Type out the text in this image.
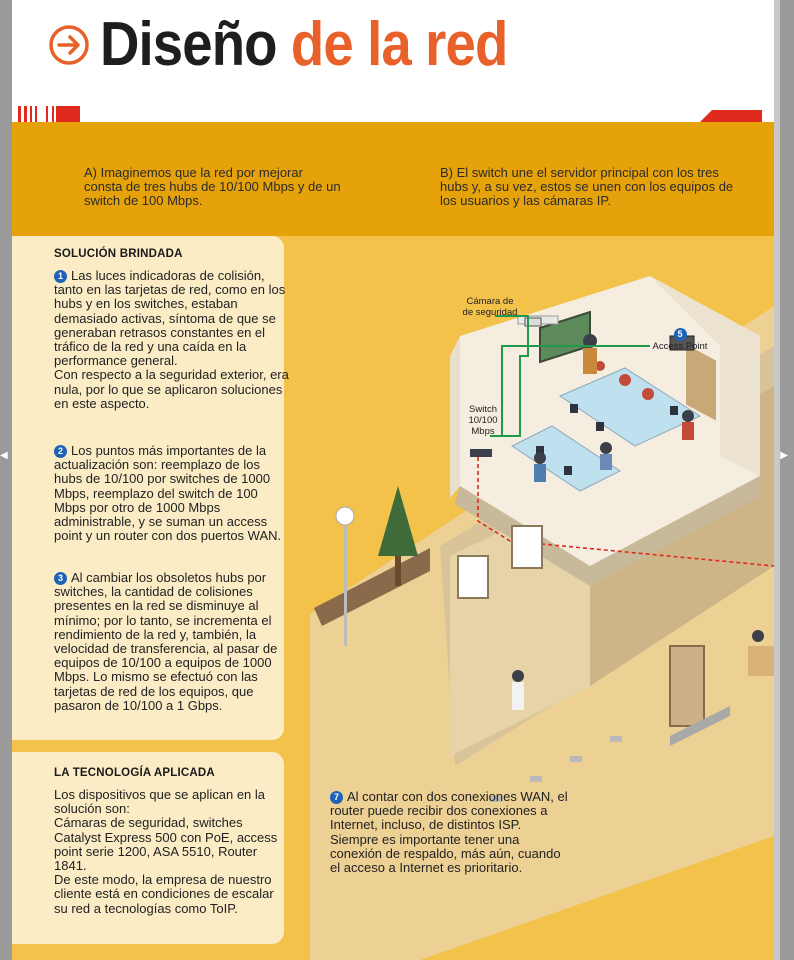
Diseño de la red
A) Imaginemos que la red por mejorar consta de tres hubs de 10/100 Mbps y de un switch de 100 Mbps.
B) El switch une el servidor principal con los tres hubs y, a su vez, estos se unen con los equipos de los usuarios y las cámaras IP.
SOLUCIÓN BRINDADA
1 Las luces indicadoras de colisión, tanto en las tarjetas de red, como en los hubs y en los switches, estaban demasiado activas, síntoma de que se generaban retrasos constantes en el tráfico de la red y una caída en la performance general.
Con respecto a la seguridad exterior, era nula, por lo que se aplicaron soluciones en este aspecto.
2 Los puntos más importantes de la actualización son: reemplazo de los hubs de 10/100 por switches de 1000 Mbps, reemplazo del switch de 100 Mbps por otro de 1000 Mbps administrable, y se suman un access point y un router con dos puertos WAN.
3 Al cambiar los obsoletos hubs por switches, la cantidad de colisiones presentes en la red se disminuye al mínimo; por lo tanto, se incrementa el rendimiento de la red y, también, la velocidad de transferencia, al pasar de equipos de 10/100 a equipos de 1000 Mbps. Lo mismo se efectuó con las tarjetas de red de los equipos, que pasaron de 10/100 a 1 Gbps.
LA TECNOLOGÍA APLICADA
Los dispositivos que se aplican en la solución son:
Cámaras de seguridad, switches Catalyst Express 500 con PoE, access point serie 1200, ASA 5510, Router 1841.
De este modo, la empresa de nuestro cliente está en condiciones de escalar su red a tecnologías como ToIP.
Cámara de
de seguridad
5
Access Point
Switch
10/100
Mbps
7 Al contar con dos conexiones WAN, el router puede recibir dos conexiones a Internet, incluso, de distintos ISP. Siempre es importante tener una conexión de respaldo, más aún, cuando el acceso a Internet es prioritario.
◀	▶
